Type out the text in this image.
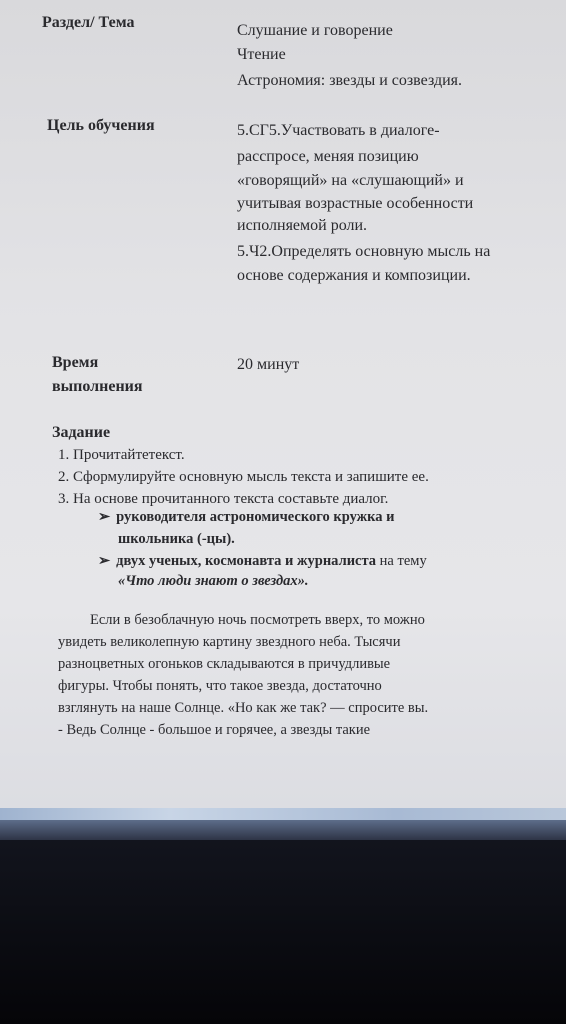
Раздел/ Тема	Слушание и говорение
Чтение
Астрономия: звезды и созвездия.
Цель обучения	5.СГ5.Участвовать в диалоге-
расспросе, меняя позицию
«говорящий» на «слушающий» и
учитывая возрастные особенности
исполняемой роли.
5.Ч2.Определять основную мысль на
основе содержания и композиции.
Время
выполнения
20 минут
Задание
1. Прочитайтетекст.
2. Сформулируйте основную мысль текста и запишите ее.
3. На основе прочитанного текста составьте диалог.
➢ руководителя астрономического кружка и
школьника (-цы).
➢ двух ученых, космонавта и журналиста на тему
«Что люди знают о звездах».
Если в безоблачную ночь посмотреть вверх, то можно
увидеть великолепную картину звездного неба. Тысячи
разноцветных огоньков складываются в причудливые
фигуры. Чтобы понять, что такое звезда, достаточно
взглянуть на наше Солнце. «Но как же так? — спросите вы.
- Ведь Солнце - большое и горячее, а звезды такие
